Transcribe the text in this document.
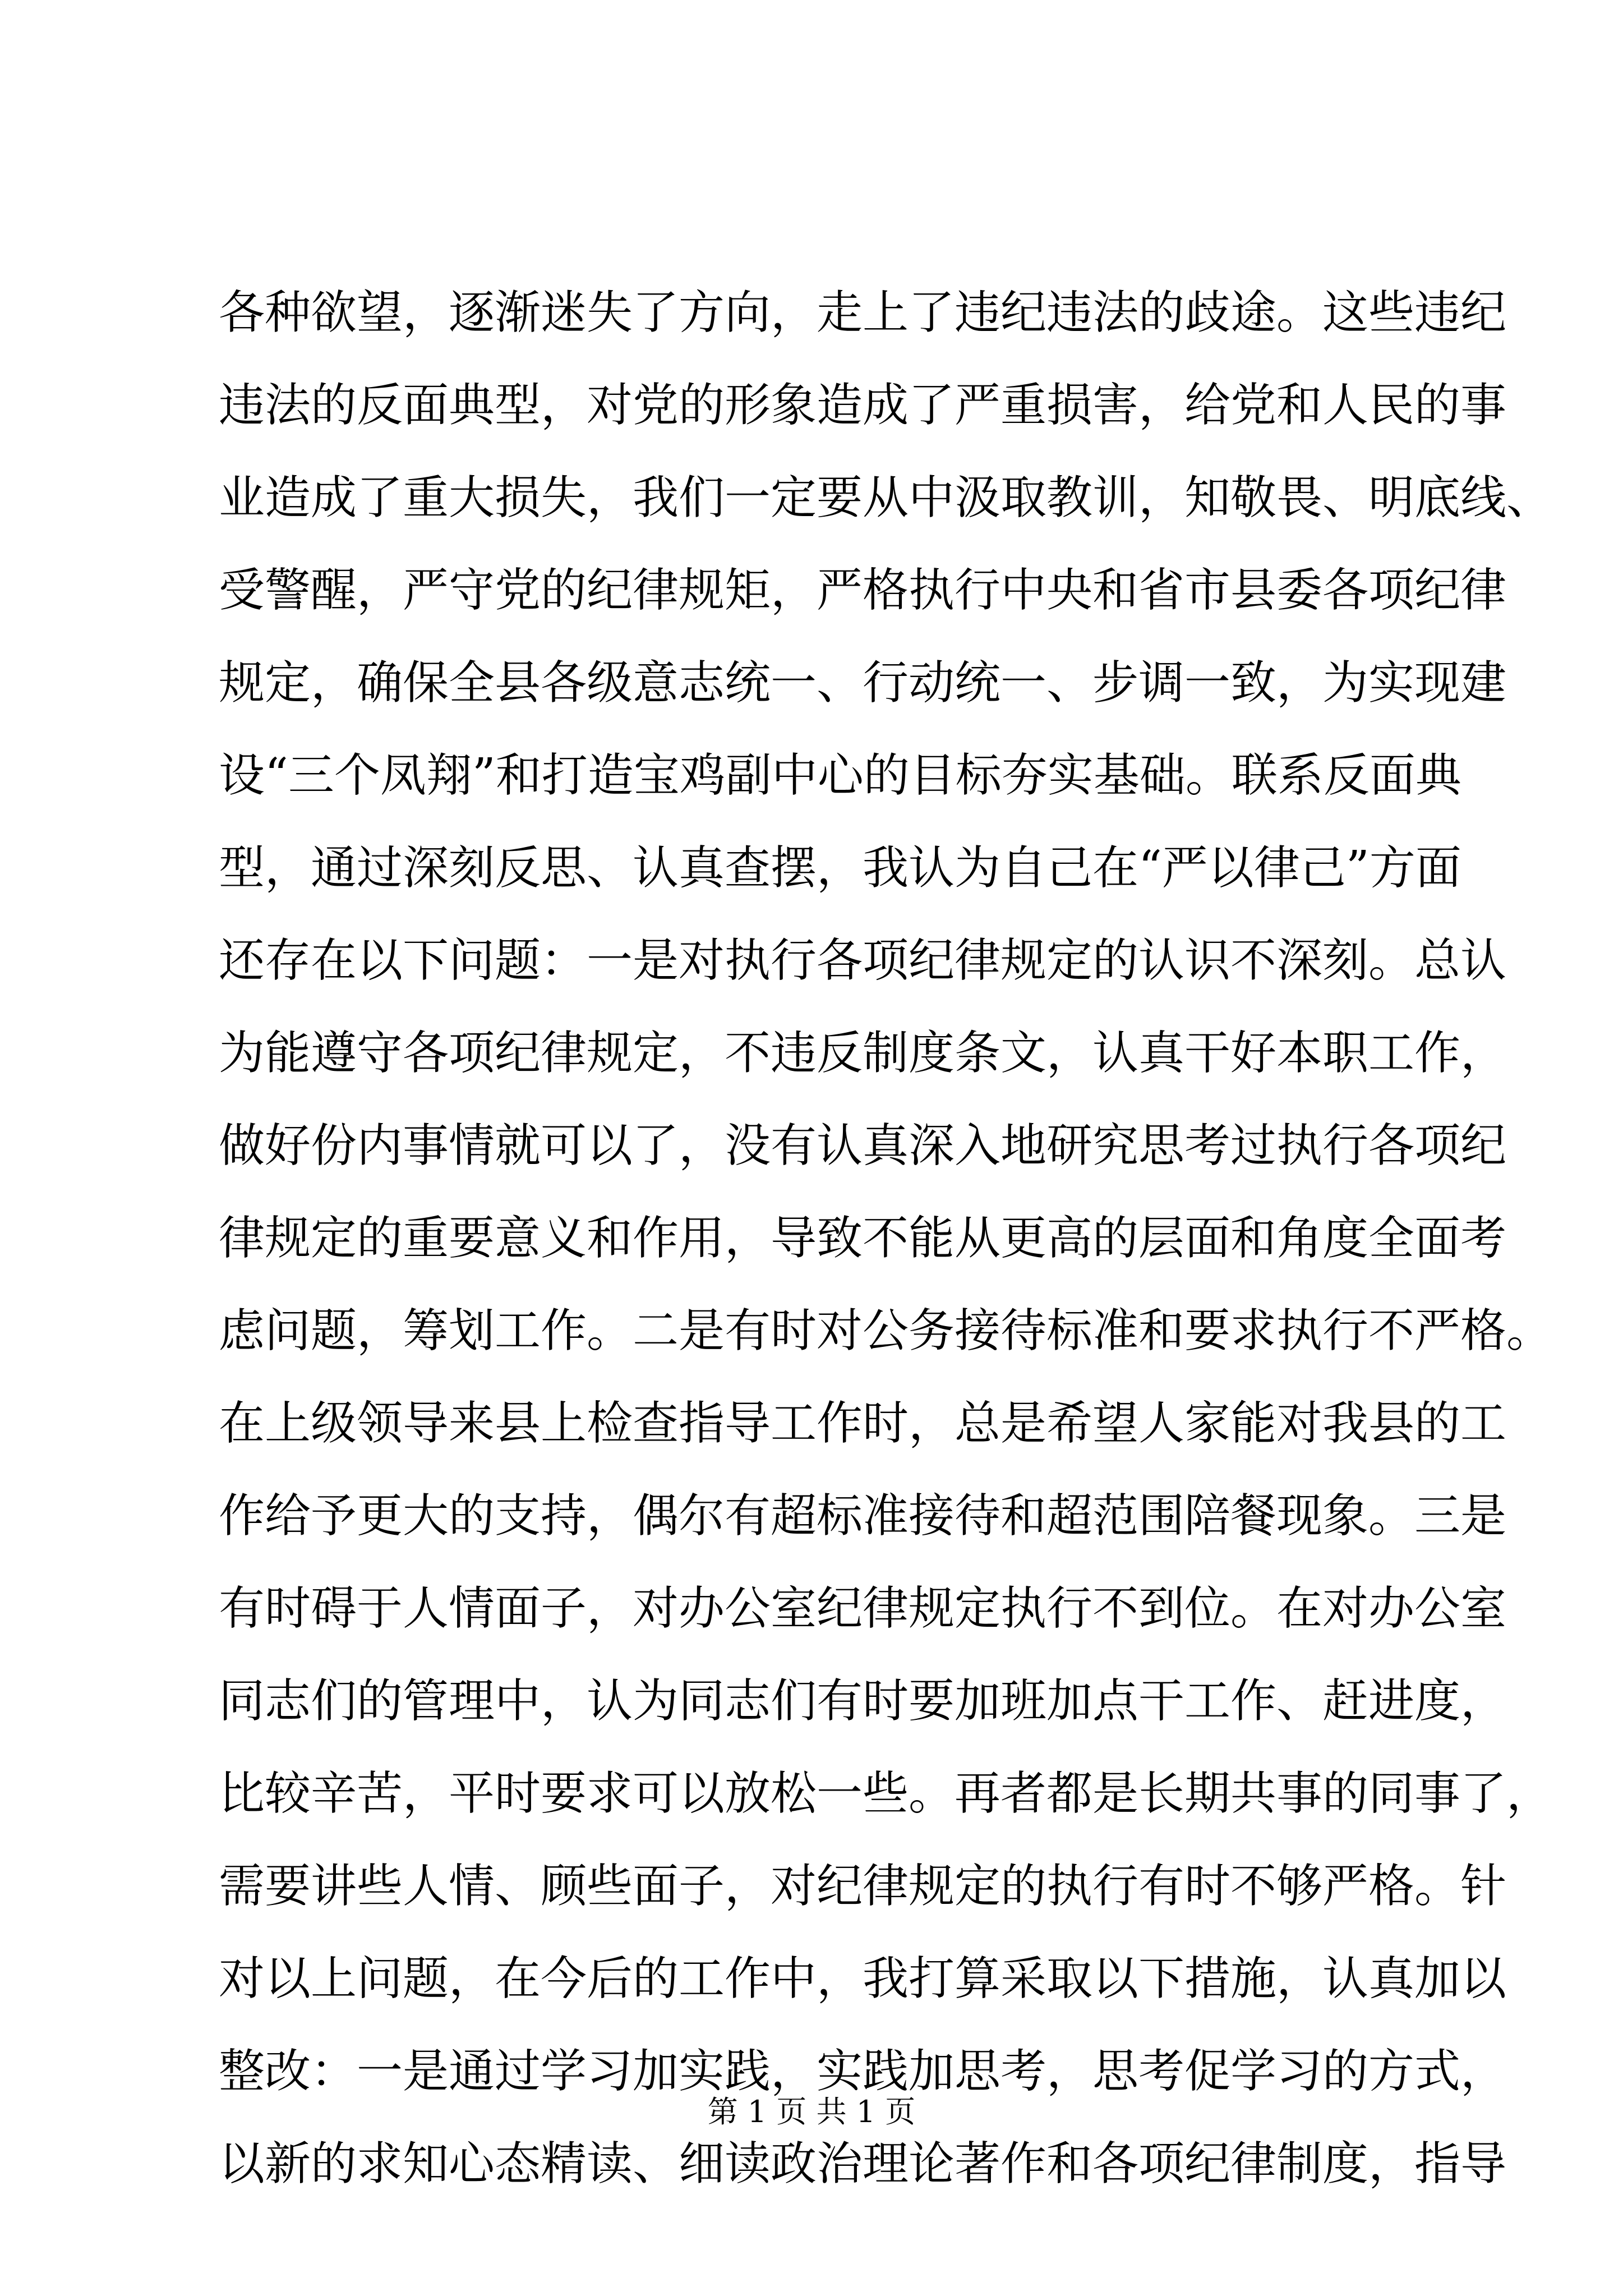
各种欲望，逐渐迷失了方向，走上了违纪违法的歧途。这些违纪
违法的反面典型，对党的形象造成了严重损害，给党和人民的事
业造成了重大损失，我们一定要从中汲取教训，知敬畏、明底线、
受警醒，严守党的纪律规矩，严格执行中央和省市县委各项纪律
规定，确保全县各级意志统一、行动统一、步调一致，为实现建
设“三个凤翔”和打造宝鸡副中心的目标夯实基础。联系反面典
型，通过深刻反思、认真查摆，我认为自己在“严以律己”方面
还存在以下问题：一是对执行各项纪律规定的认识不深刻。总认
为能遵守各项纪律规定，不违反制度条文，认真干好本职工作，
做好份内事情就可以了，没有认真深入地研究思考过执行各项纪
律规定的重要意义和作用，导致不能从更高的层面和角度全面考
虑问题，筹划工作。二是有时对公务接待标准和要求执行不严格。
在上级领导来县上检查指导工作时，总是希望人家能对我县的工
作给予更大的支持，偶尔有超标准接待和超范围陪餐现象。三是
有时碍于人情面子，对办公室纪律规定执行不到位。在对办公室
同志们的管理中，认为同志们有时要加班加点干工作、赶进度，
比较辛苦，平时要求可以放松一些。再者都是长期共事的同事了，
需要讲些人情、顾些面子，对纪律规定的执行有时不够严格。针
对以上问题，在今后的工作中，我打算采取以下措施，认真加以
整改：一是通过学习加实践，实践加思考，思考促学习的方式，
以新的求知心态精读、细读政治理论著作和各项纪律制度，指导
第 1 页 共 1 页
